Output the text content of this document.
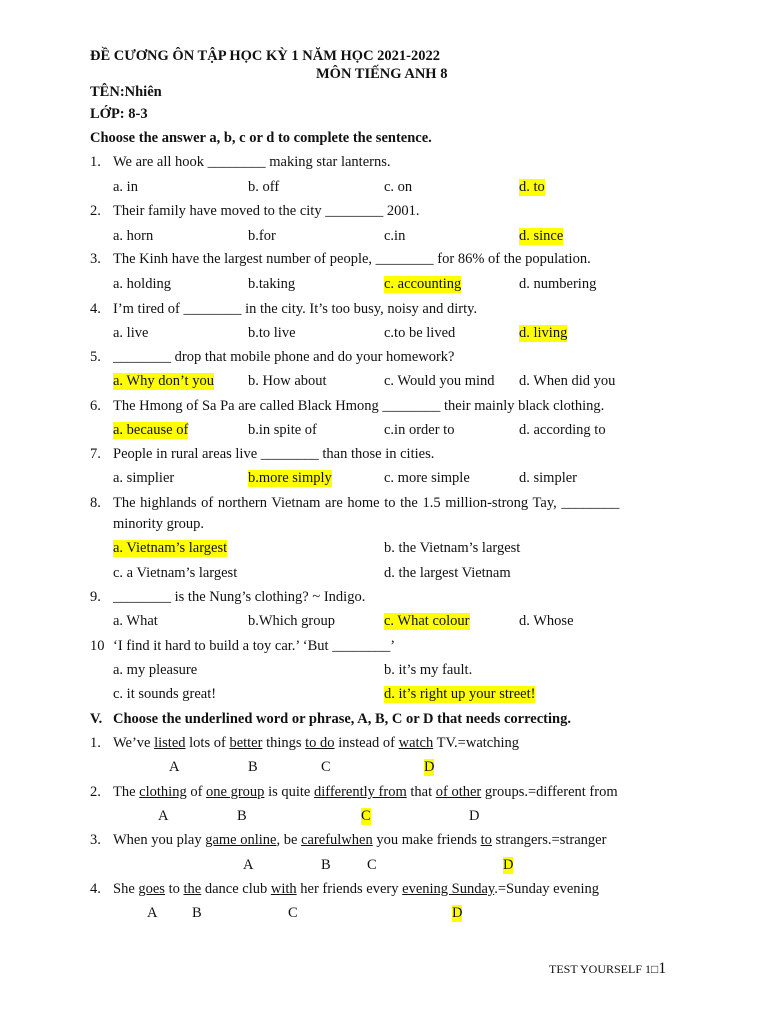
ĐỀ CƯƠNG ÔN TẬP HỌC KỲ 1 NĂM HỌC 2021-2022
MÔN TIẾNG ANH 8
TÊN:Nhiên
LỚP: 8-3
Choose the answer a, b, c or d to complete the sentence.
1. We are all hook ________ making star lanterns.
a. in	b. off	c. on	d. to
2. Their family have moved to the city ________ 2001.
a. horn	b.for	c.in	d. since
3. The Kinh have the largest number of people, ________ for 86% of the population.
a. holding	b.taking	c. accounting	d. numbering
4. I’m tired of ________ in the city. It’s too busy, noisy and dirty.
a. live	b.to live	c.to be lived	d. living
5. ________ drop that mobile phone and do your homework?
a. Why don’t you b. How about	c. Would you mind d. When did you
6. The Hmong of Sa Pa are called Black Hmong ________ their mainly black clothing.
a. because of	b.in spite of	c.in order to	d. according to
7. People in rural areas live ________ than those in cities.
a. simplier	b.more simply	c. more simple	d. simpler
8. The highlands of northern Vietnam are home to the 1.5 million-strong Tay, ________
minority group.
a. Vietnam’s largest	b. the Vietnam’s largest
c. a Vietnam’s largest	d. the largest Vietnam
9. ________ is the Nung’s clothing? ~ Indigo.
a. What	b.Which group	c. What colour	d. Whose
10 ‘I find it hard to build a toy car.’ ‘But ________’
a. my pleasure	b. it’s my fault.
c. it sounds great!	d. it’s right up your street!
V. Choose the underlined word or phrase, A, B, C or D that needs correcting.
1. We’ve listed lots of better things to do instead of watch TV.=watching
A	B	C	D
2. The clothing of one group is quite differently from that of other groups.=different from
A	B	C	D
3. When you play game online, be carefulwhen you make friends to strangers.=stranger
A	B	C	D
4. She goes to the dance club with her friends every evening Sunday.=Sunday evening
A B	C	D
TEST YOURSELF 1□1
